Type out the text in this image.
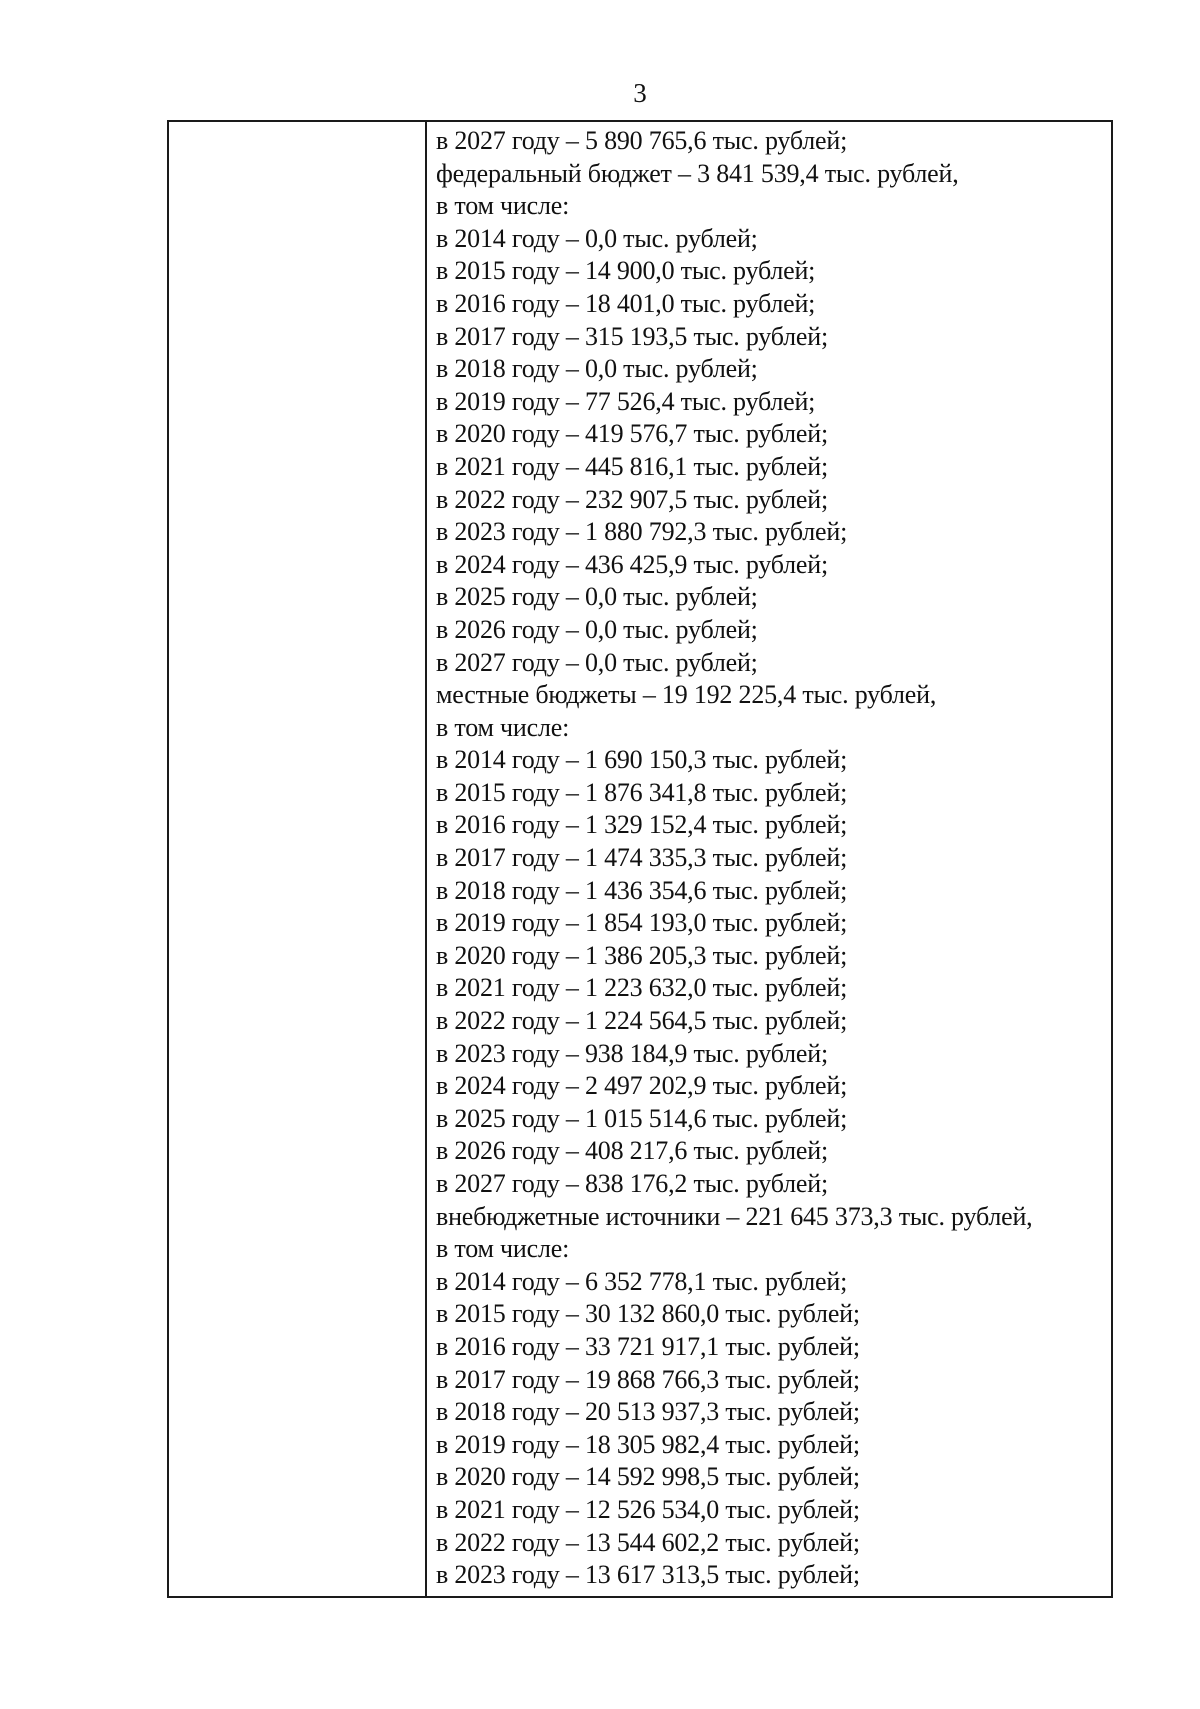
3
в 2027 году – 5 890 765,6 тыс. рублей;
федеральный бюджет – 3 841 539,4 тыс. рублей,
в том числе:
в 2014 году – 0,0 тыс. рублей;
в 2015 году – 14 900,0 тыс. рублей;
в 2016 году – 18 401,0 тыс. рублей;
в 2017 году – 315 193,5 тыс. рублей;
в 2018 году – 0,0 тыс. рублей;
в 2019 году – 77 526,4 тыс. рублей;
в 2020 году – 419 576,7 тыс. рублей;
в 2021 году – 445 816,1 тыс. рублей;
в 2022 году – 232 907,5 тыс. рублей;
в 2023 году – 1 880 792,3 тыс. рублей;
в 2024 году – 436 425,9 тыс. рублей;
в 2025 году – 0,0 тыс. рублей;
в 2026 году – 0,0 тыс. рублей;
в 2027 году – 0,0 тыс. рублей;
местные бюджеты – 19 192 225,4 тыс. рублей,
в том числе:
в 2014 году – 1 690 150,3 тыс. рублей;
в 2015 году – 1 876 341,8 тыс. рублей;
в 2016 году – 1 329 152,4 тыс. рублей;
в 2017 году – 1 474 335,3 тыс. рублей;
в 2018 году – 1 436 354,6 тыс. рублей;
в 2019 году – 1 854 193,0 тыс. рублей;
в 2020 году – 1 386 205,3 тыс. рублей;
в 2021 году – 1 223 632,0 тыс. рублей;
в 2022 году – 1 224 564,5 тыс. рублей;
в 2023 году – 938 184,9 тыс. рублей;
в 2024 году – 2 497 202,9 тыс. рублей;
в 2025 году – 1 015 514,6 тыс. рублей;
в 2026 году – 408 217,6 тыс. рублей;
в 2027 году – 838 176,2 тыс. рублей;
внебюджетные источники – 221 645 373,3 тыс. рублей,
в том числе:
в 2014 году – 6 352 778,1 тыс. рублей;
в 2015 году – 30 132 860,0 тыс. рублей;
в 2016 году – 33 721 917,1 тыс. рублей;
в 2017 году – 19 868 766,3 тыс. рублей;
в 2018 году – 20 513 937,3 тыс. рублей;
в 2019 году – 18 305 982,4 тыс. рублей;
в 2020 году – 14 592 998,5 тыс. рублей;
в 2021 году – 12 526 534,0 тыс. рублей;
в 2022 году – 13 544 602,2 тыс. рублей;
в 2023 году – 13 617 313,5 тыс. рублей;
